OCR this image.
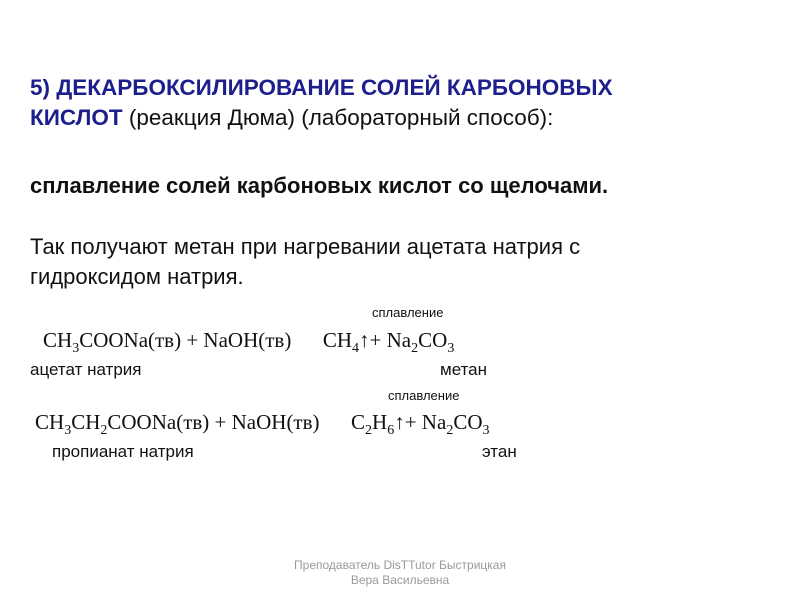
5) ДЕКАРБОКСИЛИРОВАНИЕ СОЛЕЙ КАРБОНОВЫХ
КИСЛОТ (реакция Дюма) (лабораторный способ):
сплавление солей карбоновых кислот со щелочами.
Так получают метан при нагревании ацетата натрия с
гидроксидом натрия.
сплавление
$CH_3COONa(тв)$ + NaOH(тв) $CH_4↑+ Na_2CO_3$
ацетат натрия	метан
сплавление
$CH_3CH_2COONa(тв)$ + NaOH(тв) $C_2H_6↑+ Na_2CO_3$
пропианат натрия	этан
Преподаватель DisTTutor Быстрицкая
Вера Васильевна
